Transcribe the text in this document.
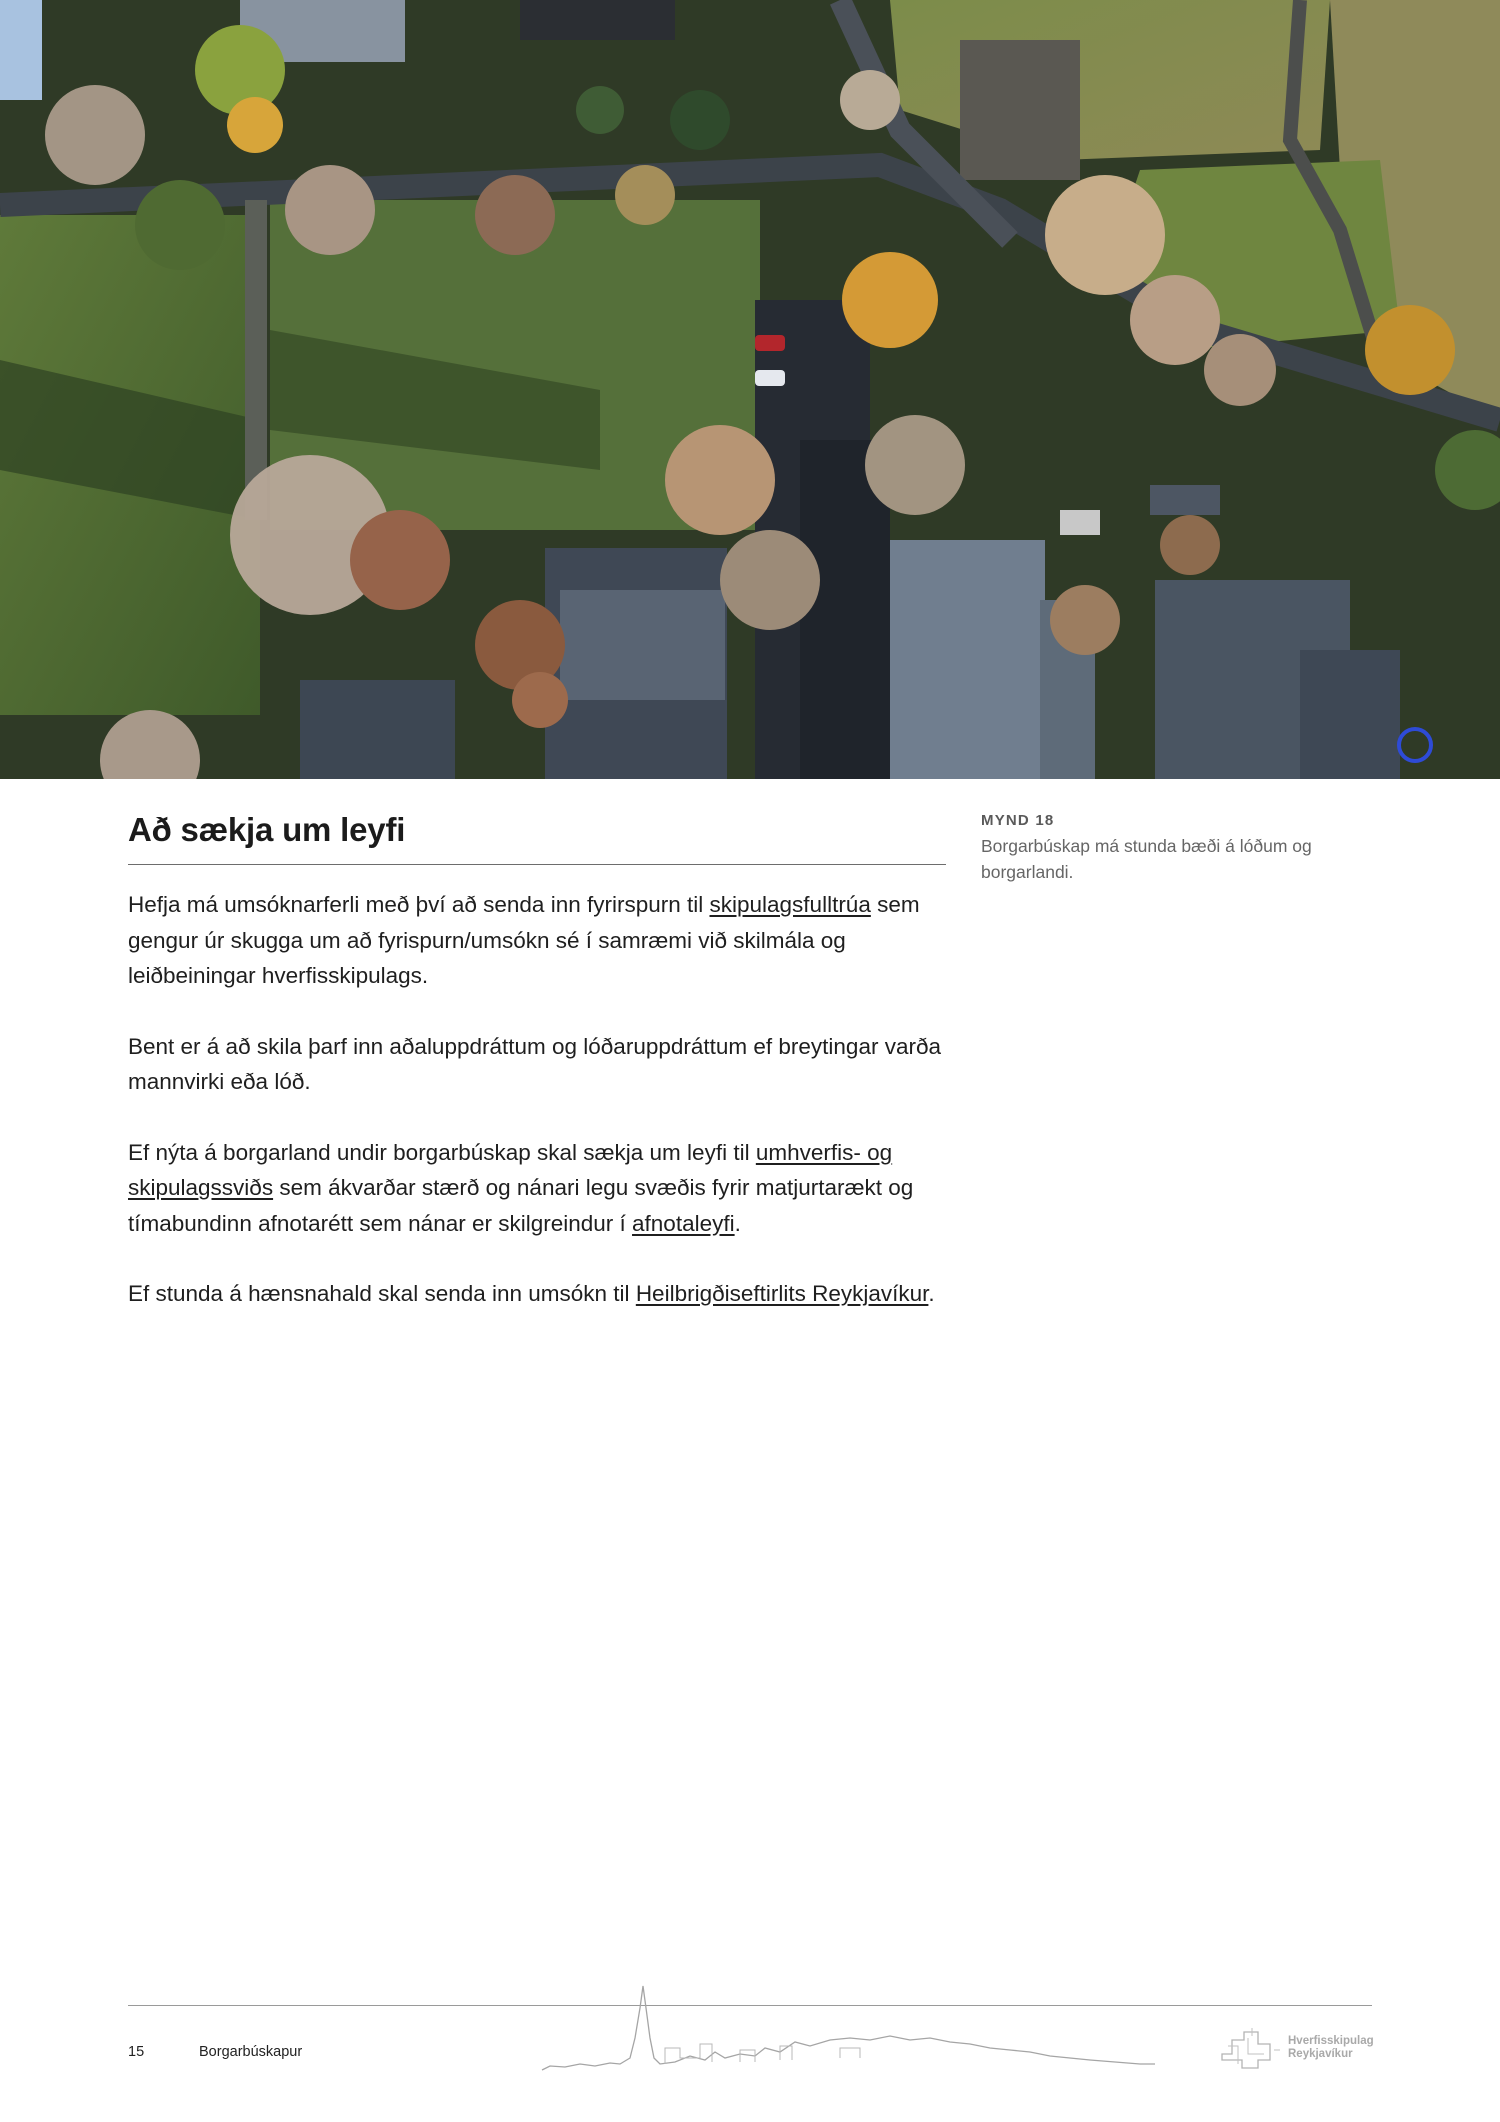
Að sækja um leyfi

Hefja má umsóknarferli með því að senda inn fyrirspurn til skipulagsfulltrúa sem gengur úr skugga um að fyrispurn/umsókn sé í samræmi við skilmála og leiðbeiningar hverfisskipulags.

Bent er á að skila þarf inn aðaluppdráttum og lóðaruppdráttum ef breytingar varða mannvirki eða lóð.

Ef nýta á borgarland undir borgarbúskap skal sækja um leyfi til umhverfis- og skipulagssviðs sem ákvarðar stærð og nánari legu svæðis fyrir matjurtarækt og tímabundinn afnotarétt sem nánar er skilgreindur í afnotaleyfi.

Ef stunda á hænsnahald skal senda inn umsókn til Heilbrigðiseftirlits Reykjavíkur.

MYND 18
Borgarbúskap má stunda bæði á lóðum og borgarlandi.
15	Borgarbúskapur
Hverfisskipulag
Reykjavíkur
